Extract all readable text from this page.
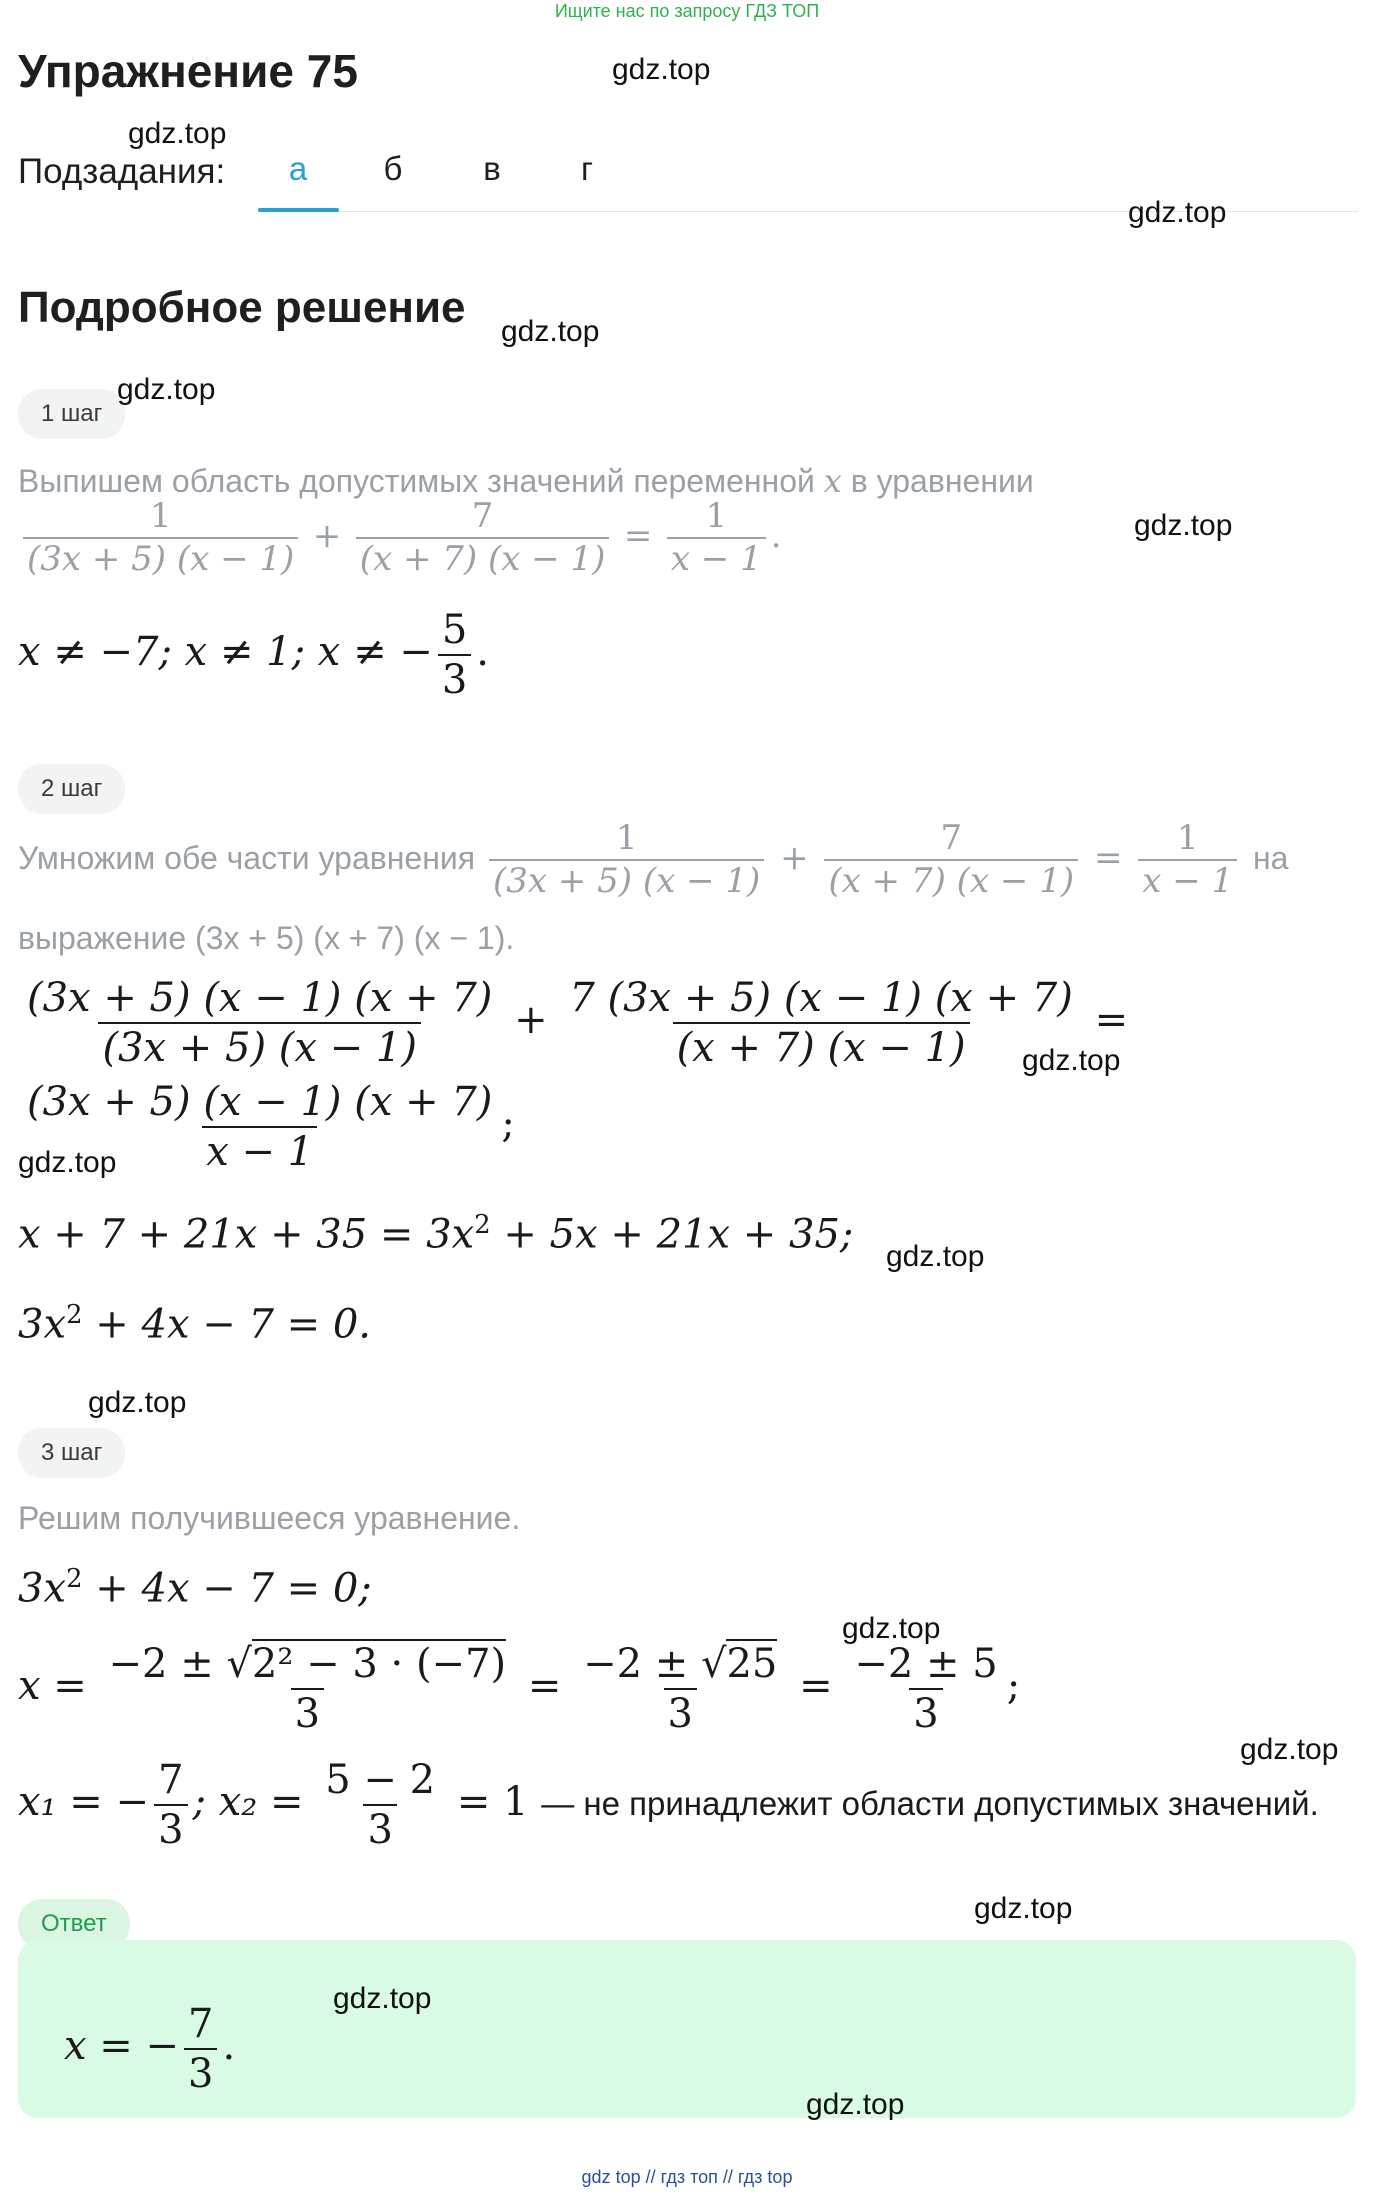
Ищите нас по запросу ГДЗ ТОП
Упражнение 75	gdz.top
gdz.top
Подзадания:	а	б	в	г
gdz.top
Подробное решение gdz.top
1 шаг
gdz.top
Выпишем область допустимых значений переменной x в уравнении
$\frac{1}{(3x + 5) (x - 1)} + \frac{7}{(x + 7) (x - 1)} = \frac{1}{x - 1}$ .	gdz.top
x ≠ −7; x ≠ 1; x ≠ − $\frac{5}{3}$ .
2 шаг
Умножим обе части уравнения $\frac{1}{(3x + 5) (x - 1)} + \frac{7}{(x + 7) (x - 1)} = \frac{1}{x - 1}$ на
выражение (3x + 5) (x + 7) (x − 1).
$\frac{(3x + 5) (x - 1) (x + 7)}{(3x + 5) (x - 1)} + \frac{7 (3x + 5) (x - 1) (x + 7)}{(x + 7) (x - 1)}$ =
gdz.top
$\frac{(3x + 5) (x - 1) (x + 7)}{x - 1}$ ;
gdz.top
$x + 7 + 21x + 35 = 3x^2 + 5x + 21x + 35$; gdz.top
$3x^2 + 4x - 7 = 0$.
gdz.top
3 шаг
Решим получившееся уравнение.
$3x^2 + 4x - 7 = 0$;
gdz.top
$x = \frac{\text{−2 ± √2² − 3 · (−7)}}{3} = \frac{-2 \pm √25}{3} = \frac{-2 \pm 5}{3}$ ;
gdz.top
x₁ = − $\frac{7}{3}$ ; $x_2 = \frac{5 - 2}{3} = 1$ — не принадлежит области допустимых значений.
Ответ	gdz.top
gdz.top
x = − $\frac{7}{3}$ .
gdz.top
gdz top // гдз топ // гдз top
